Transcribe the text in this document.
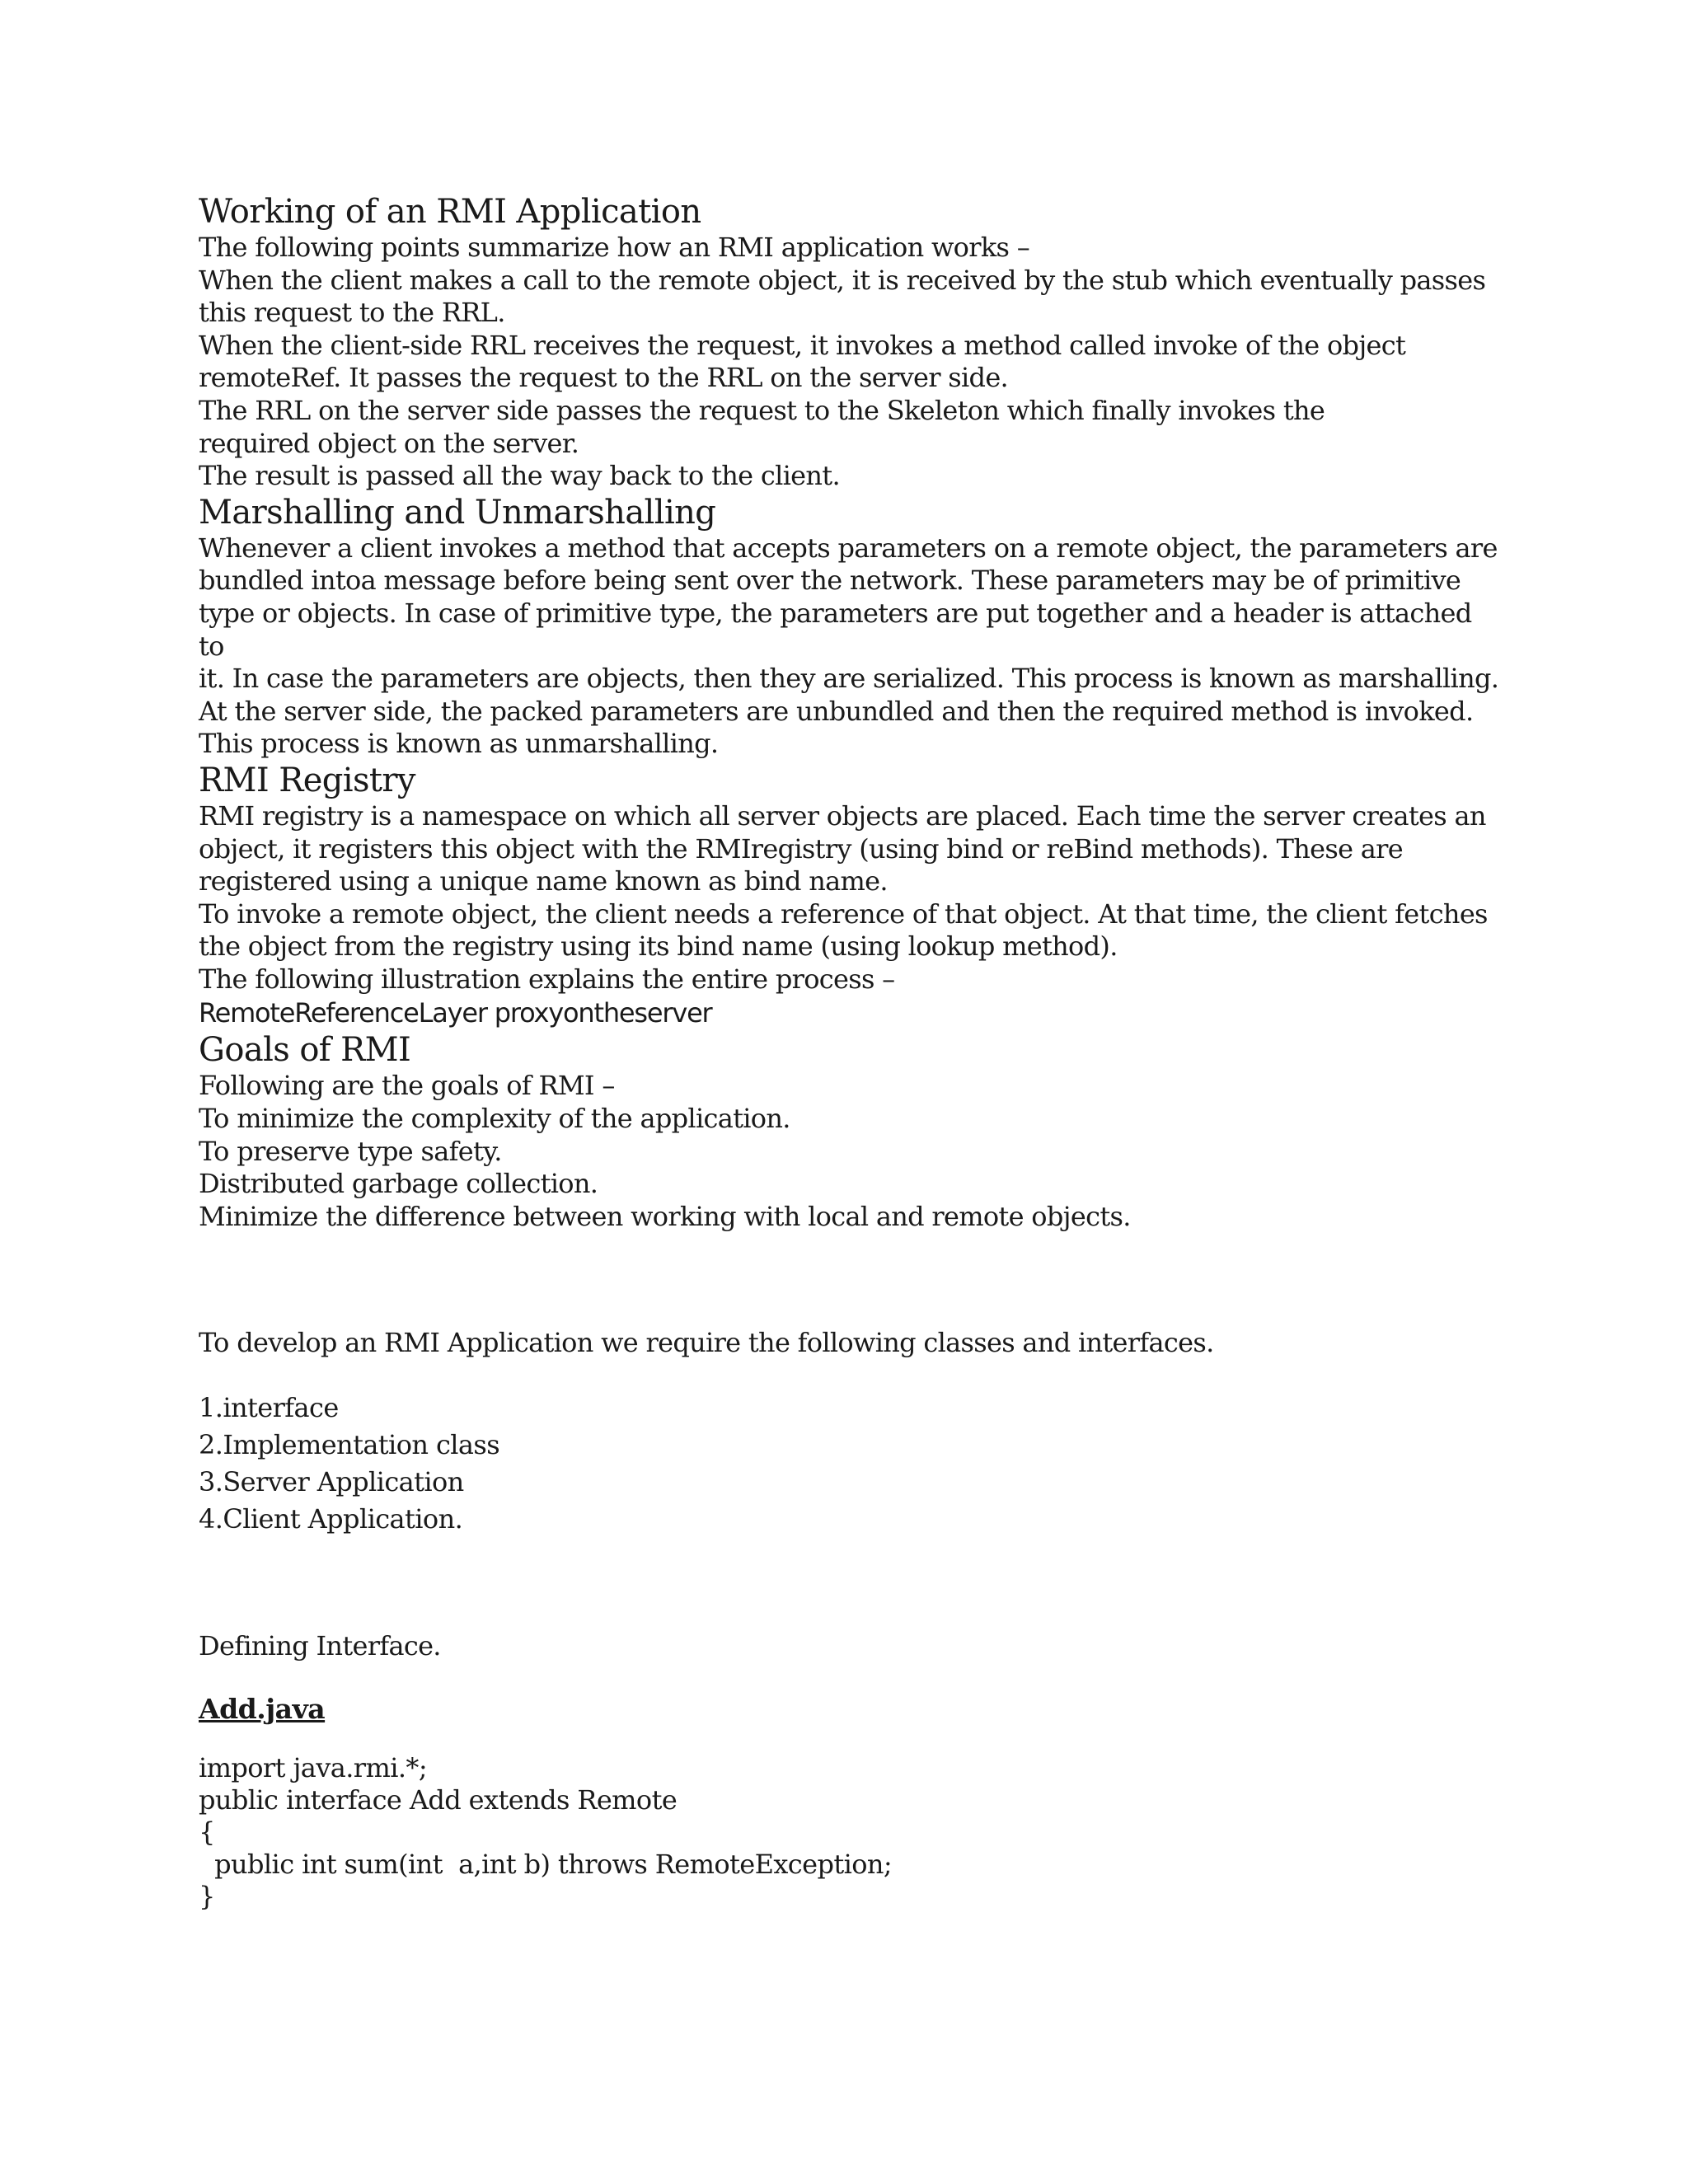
Working of an RMI Application

The following points summarize how an RMI application works –

When the client makes a call to the remote object, it is received by the stub which eventually passes
this request to the RRL.

When the client-side RRL receives the request, it invokes a method called invoke of the object
remoteRef. It passes the request to the RRL on the server side.

The RRL on the server side passes the request to the Skeleton which finally invokes the
required object on the server.

The result is passed all the way back to the client.

Marshalling and Unmarshalling

Whenever a client invokes a method that accepts parameters on a remote object, the parameters are
bundled intoa message before being sent over the network. These parameters may be of primitive
type or objects. In case of primitive type, the parameters are put together and a header is attached to
it. In case the parameters are objects, then they are serialized. This process is known as marshalling.
At the server side, the packed parameters are unbundled and then the required method is invoked.
This process is known as unmarshalling.

RMI Registry

RMI registry is a namespace on which all server objects are placed. Each time the server creates an
object, it registers this object with the RMIregistry (using bind or reBind methods). These are
registered using a unique name known as bind name.

To invoke a remote object, the client needs a reference of that object. At that time, the client fetches
the object from the registry using its bind name (using lookup method).

The following illustration explains the entire process –

RemoteReferenceLayer proxyontheserver

Goals of RMI

Following are the goals of RMI –

To minimize the complexity of the application.

To preserve type safety.

Distributed garbage collection.

Minimize the difference between working with local and remote objects.

To develop an RMI Application we require the following classes and interfaces.

1.interface

2.Implementation class

3.Server Application

4.Client Application.

Defining Interface.

Add.java

import java.rmi.*;

public interface Add extends Remote

{

public int sum(int  a,int b) throws RemoteException;

}
